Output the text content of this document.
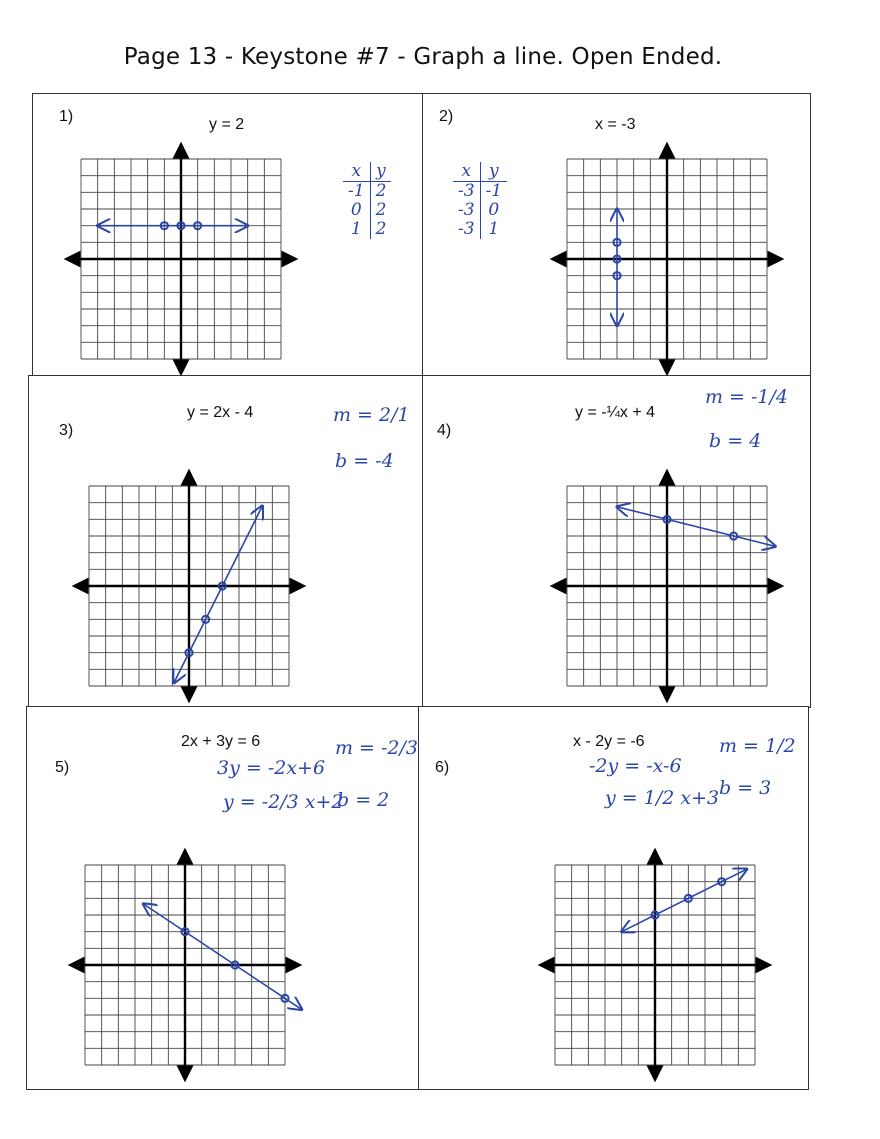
Page 13 - Keystone #7 - Graph a line. Open Ended.
1)	y = 2
x	y
-1	2
0	2
1	2
2)	x = -3
x	y
-3	-1
-3	0
-3	1
3)
y = 2x - 4	m = 2/1
b = -4
4)
y = -¼x + 4
m = -1/4
b = 4
5)
2x + 3y = 6
3y = -2x+6
y = -2/3 x+2
m = -2/3
b = 2
6)
x - 2y = -6
-2y = -x-6
y = 1/2 x+3
m = 1/2
b = 3
